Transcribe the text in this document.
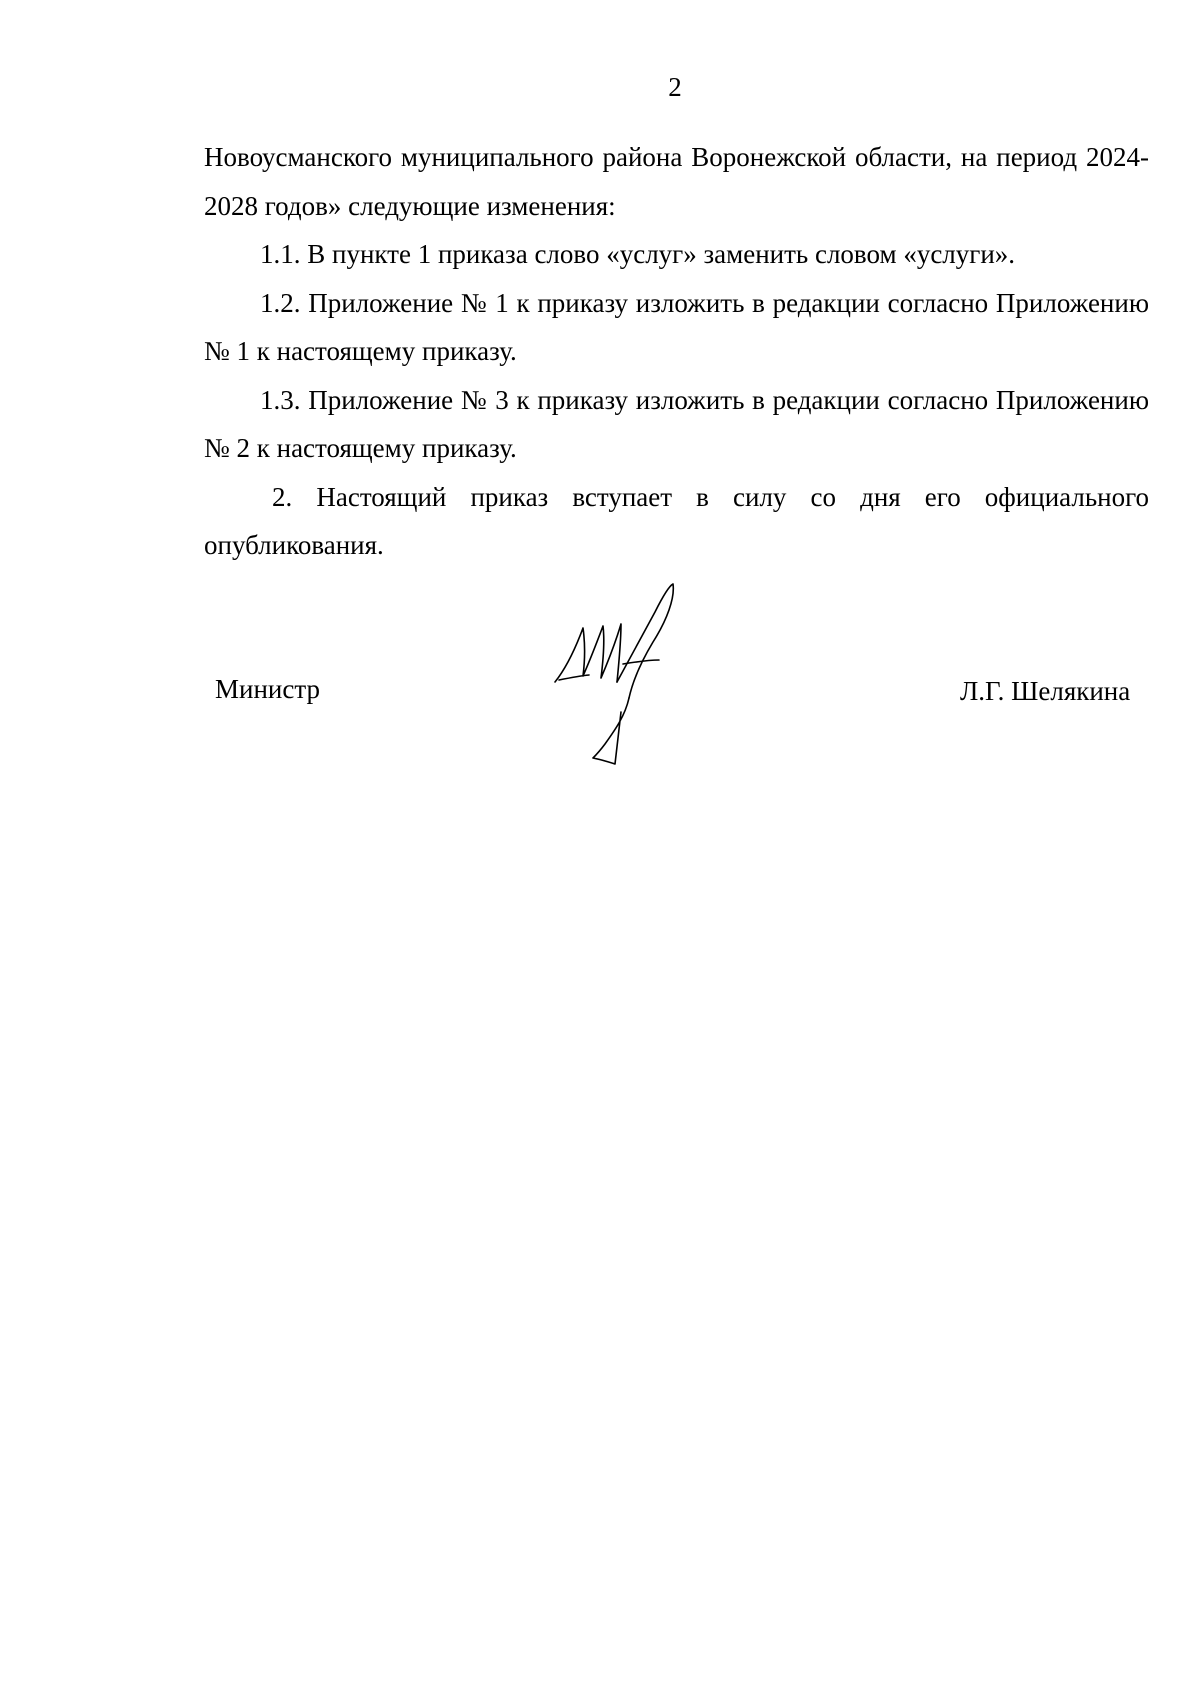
2

Новоусманского муниципального района Воронежской области, на период 2024-2028 годов» следующие изменения:

1.1. В пункте 1 приказа слово «услуг» заменить словом «услуги».

1.2. Приложение № 1 к приказу изложить в редакции согласно Приложению № 1 к настоящему приказу.

1.3. Приложение № 3 к приказу изложить в редакции согласно Приложению № 2 к настоящему приказу.

2. Настоящий приказ вступает в силу со дня его официального опубликования.

Министр	Л.Г. Шелякина
